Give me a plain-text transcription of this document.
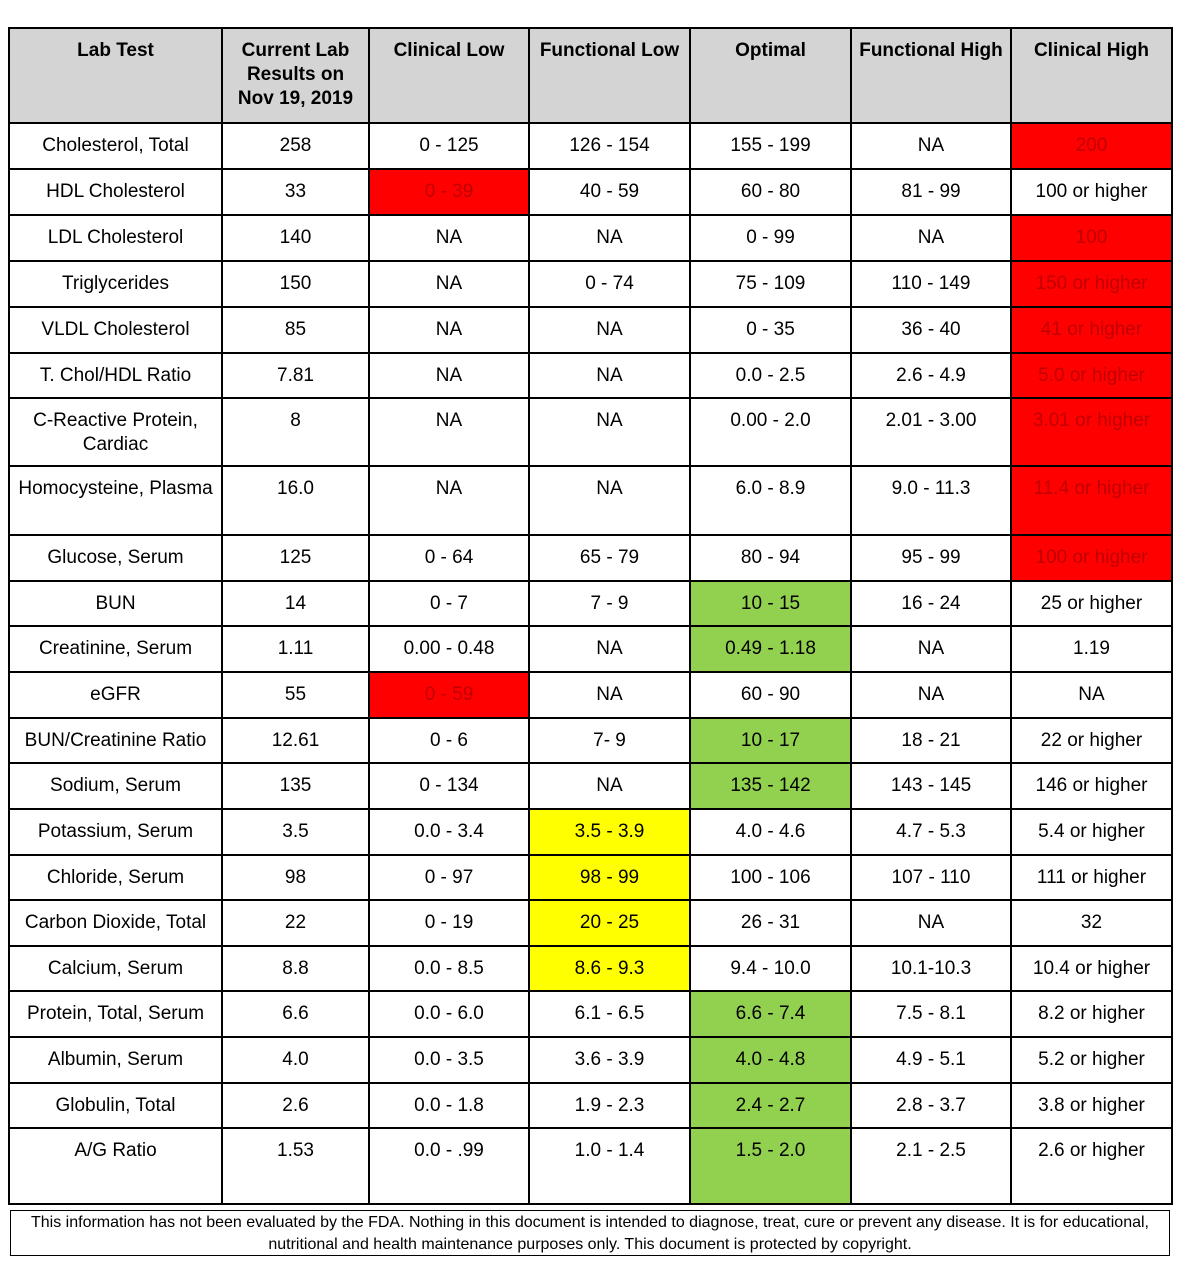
Lab Test	Current Lab Results on Nov 19, 2019	Clinical Low	Functional Low	Optimal	Functional High	Clinical High
Cholesterol, Total	258	0 - 125	126 - 154	155 - 199	NA	200
HDL Cholesterol	33	0 - 39	40 - 59	60 - 80	81 - 99	100 or higher
LDL Cholesterol	140	NA	NA	0 - 99	NA	100
Triglycerides	150	NA	0 - 74	75 - 109	110 - 149	150 or higher
VLDL Cholesterol	85	NA	NA	0 - 35	36 - 40	41 or higher
T. Chol/HDL Ratio	7.81	NA	NA	0.0 - 2.5	2.6 - 4.9	5.0 or higher
C-Reactive Protein, Cardiac	8	NA	NA	0.00 - 2.0	2.01 - 3.00	3.01 or higher
Homocysteine, Plasma	16.0	NA	NA	6.0 - 8.9	9.0 - 11.3	11.4 or higher
Glucose, Serum	125	0 - 64	65 - 79	80 - 94	95 - 99	100 or higher
BUN	14	0 - 7	7 - 9	10 - 15	16 - 24	25 or higher
Creatinine, Serum	1.11	0.00 - 0.48	NA	0.49 - 1.18	NA	1.19
eGFR	55	0 - 59	NA	60 - 90	NA	NA
BUN/Creatinine Ratio	12.61	0 - 6	7- 9	10 - 17	18 - 21	22 or higher
Sodium, Serum	135	0 - 134	NA	135 - 142	143 - 145	146 or higher
Potassium, Serum	3.5	0.0 - 3.4	3.5 - 3.9	4.0 - 4.6	4.7 - 5.3	5.4 or higher
Chloride, Serum	98	0 - 97	98 - 99	100 - 106	107 - 110	111 or higher
Carbon Dioxide, Total	22	0 - 19	20 - 25	26 - 31	NA	32
Calcium, Serum	8.8	0.0 - 8.5	8.6 - 9.3	9.4 - 10.0	10.1-10.3	10.4 or higher
Protein, Total, Serum	6.6	0.0 - 6.0	6.1 - 6.5	6.6 - 7.4	7.5 - 8.1	8.2 or higher
Albumin, Serum	4.0	0.0 - 3.5	3.6 - 3.9	4.0 - 4.8	4.9 - 5.1	5.2 or higher
Globulin, Total	2.6	0.0 - 1.8	1.9 - 2.3	2.4 - 2.7	2.8 - 3.7	3.8 or higher
A/G Ratio	1.53	0.0 - .99	1.0 - 1.4	1.5 - 2.0	2.1 - 2.5	2.6 or higher
This information has not been evaluated by the FDA. Nothing in this document is intended to diagnose, treat, cure or prevent any disease. It is for educational, nutritional and health maintenance purposes only. This document is protected by copyright.
